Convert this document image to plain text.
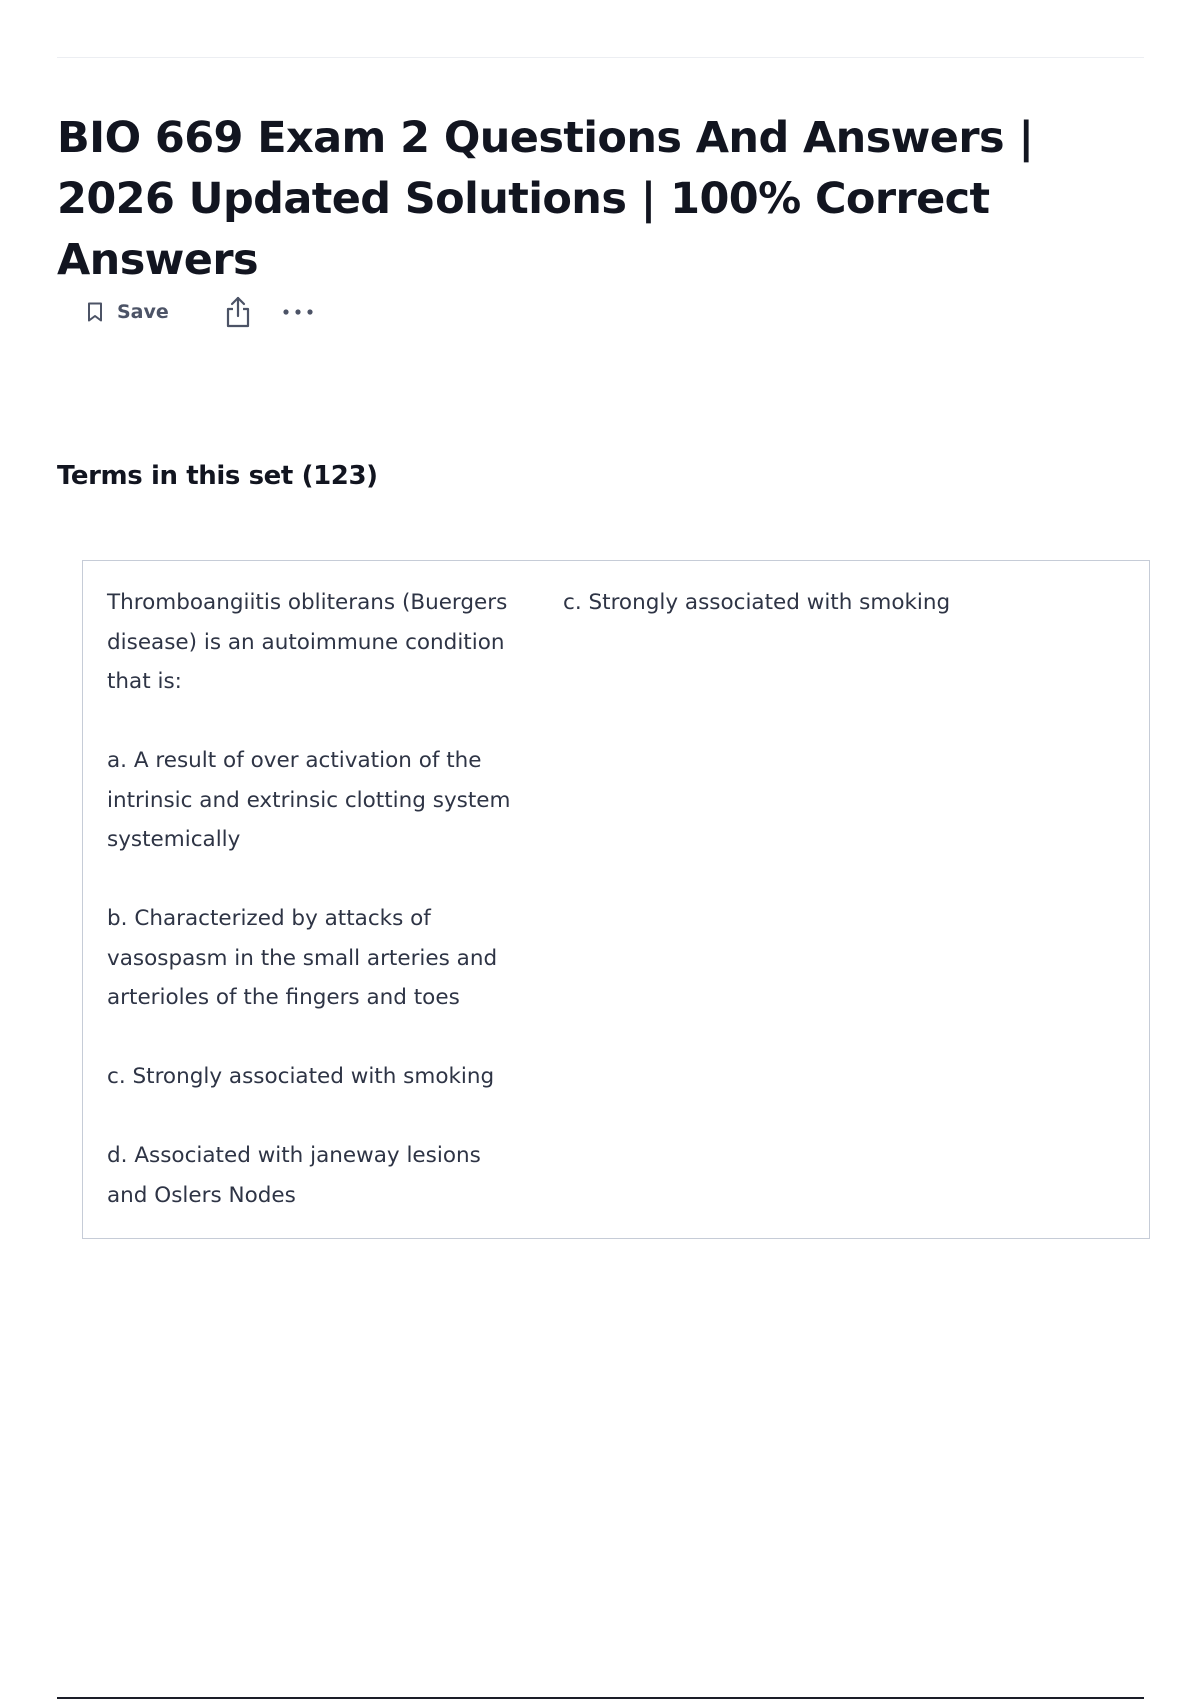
BIO 669 Exam 2 Questions And Answers | 2026 Updated Solutions | 100% Correct Answers
Save
Terms in this set (123)

Thromboangiitis obliterans (Buergers disease) is an autoimmune condition that is:

a. A result of over activation of the intrinsic and extrinsic clotting system systemically

b. Characterized by attacks of vasospasm in the small arteries and arterioles of the fingers and toes

c. Strongly associated with smoking

d. Associated with janeway lesions and Oslers Nodes

c. Strongly associated with smoking
